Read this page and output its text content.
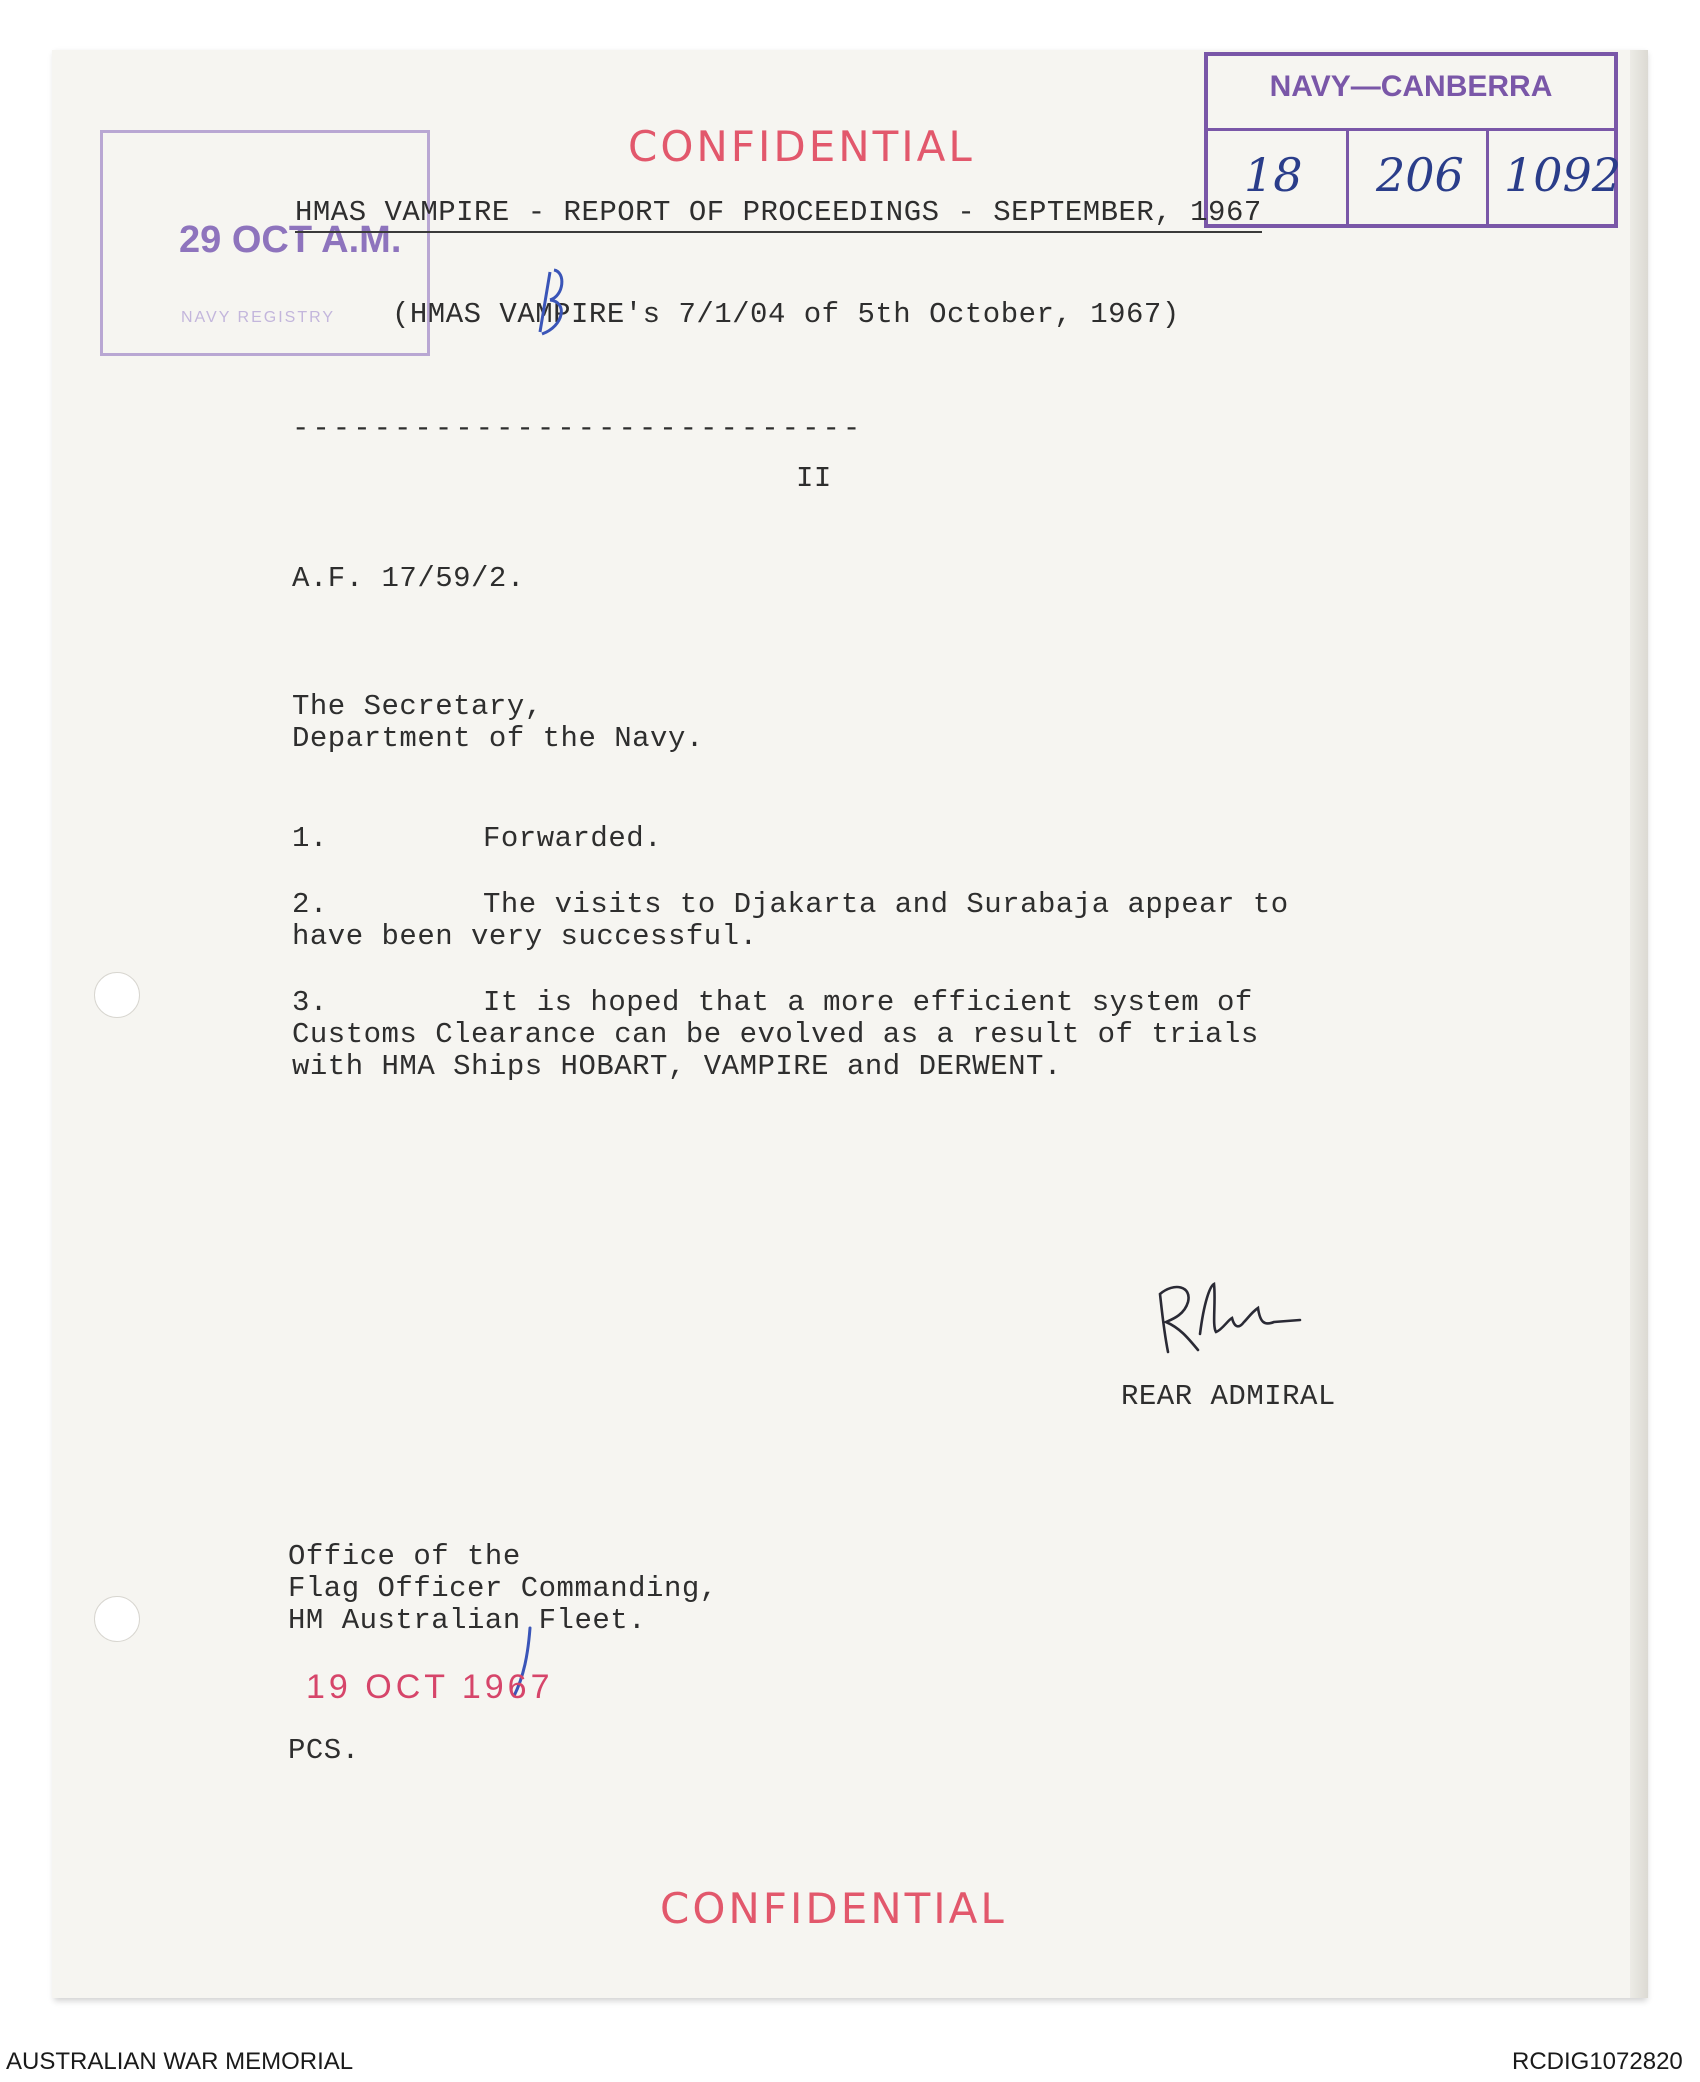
29 OCT A.M.
NAVY REGISTRY
CONFIDENTIAL
NAVY—CANBERRA
18 206 1092
HMAS VAMPIRE - REPORT OF PROCEEDINGS - SEPTEMBER, 1967
(HMAS VAMPIRE's 7/1/04 of 5th October, 1967)
----------------------------
II
A.F. 17/59/2.
The Secretary,
Department of the Navy.
1.	Forwarded.
2.	The visits to Djakarta and Surabaja appear to
have been very successful.
3.	It is hoped that a more efficient system of
Customs Clearance can be evolved as a result of trials
with HMA Ships HOBART, VAMPIRE and DERWENT.
REAR ADMIRAL
Office of the
Flag Officer Commanding,
HM Australian Fleet.
19 OCT 1967
PCS.
CONFIDENTIAL
AUSTRALIAN WAR MEMORIAL	RCDIG1072820
